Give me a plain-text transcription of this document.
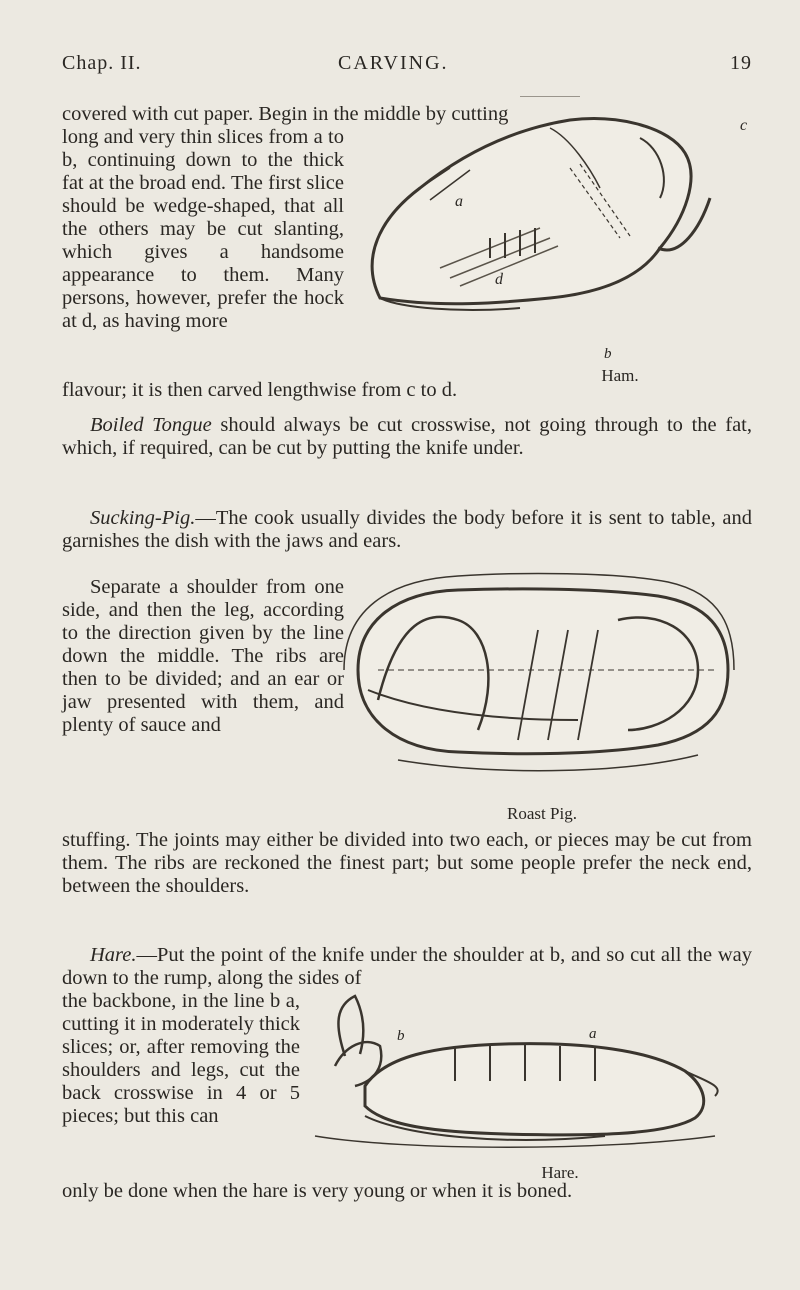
Chap. II.	CARVING.	19

covered with cut paper. Begin in the middle by cutting

long and very thin slices from a to b, continuing down to the thick fat at the broad end. The first slice should be wedge-shaped, that all the others may be cut slanting, which gives a handsome appearance to them. Many persons, however, prefer the hock at d, as having more

a
b
c
d
Ham.

flavour; it is then carved lengthwise from c to d.

Boiled Tongue should always be cut crosswise, not going through to the fat, which, if required, can be cut by putting the knife under.

Sucking-Pig.—The cook usually divides the body before it is sent to table, and garnishes the dish with the jaws and ears.

Separate a shoulder from one side, and then the leg, according to the direction given by the line down the middle. The ribs are then to be divided; and an ear or jaw presented with them, and plenty of sauce and

Roast Pig.

stuffing. The joints may either be divided into two each, or pieces may be cut from them. The ribs are reckoned the finest part; but some people prefer the neck end, between the shoulders.

Hare.—Put the point of the knife under the shoulder at b, and so cut all the way down to the rump, along the sides of

the backbone, in the line b a, cutting it in moderately thick slices; or, after removing the shoulders and legs, cut the back crosswise in 4 or 5 pieces; but this can

b	a
Hare.

only be done when the hare is very young or when it is boned.
